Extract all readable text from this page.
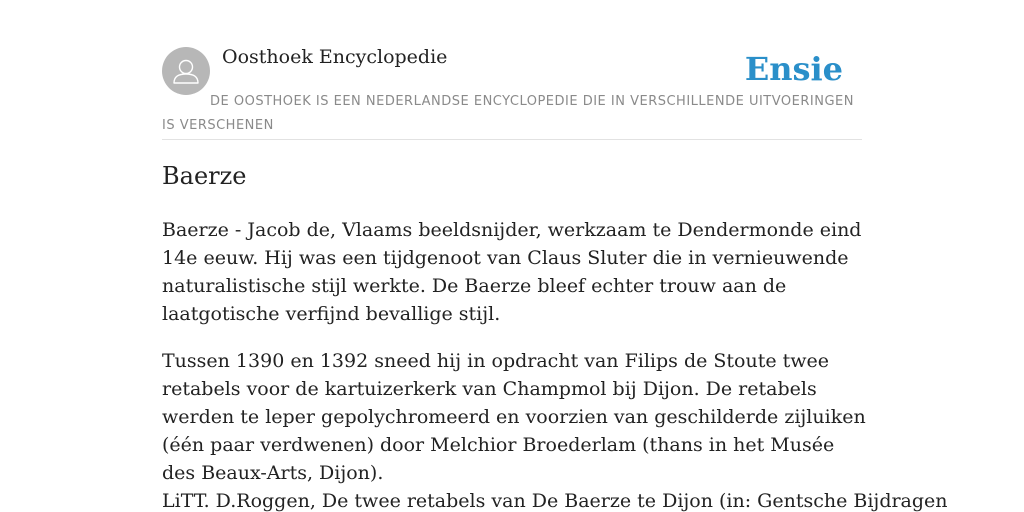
Oosthoek Encyclopedie	Ensie
DE OOSTHOEK IS EEN NEDERLANDSE ENCYCLOPEDIE DIE IN VERSCHILLENDE UITVOERINGEN IS VERSCHENEN
Baerze

Baerze - Jacob de, Vlaams beeldsnijder, werkzaam te Dendermonde eind 14e eeuw. Hij was een tijdgenoot van Claus Sluter die in vernieuwende naturalistische stijl werkte. De Baerze bleef echter trouw aan de laatgotische verfijnd bevallige stijl.

Tussen 1390 en 1392 sneed hij in opdracht van Filips de Stoute twee retabels voor de kartuizerkerk van Champmol bij Dijon. De retabels werden te leper gepolychromeerd en voorzien van geschilderde zijluiken (één paar verdwenen) door Melchior Broederlam (thans in het Musée des Beaux-Arts, Dijon).

LiTT. D.Roggen, De twee retabels van De Baerze te Dijon (in: Gentsche Bijdragen
